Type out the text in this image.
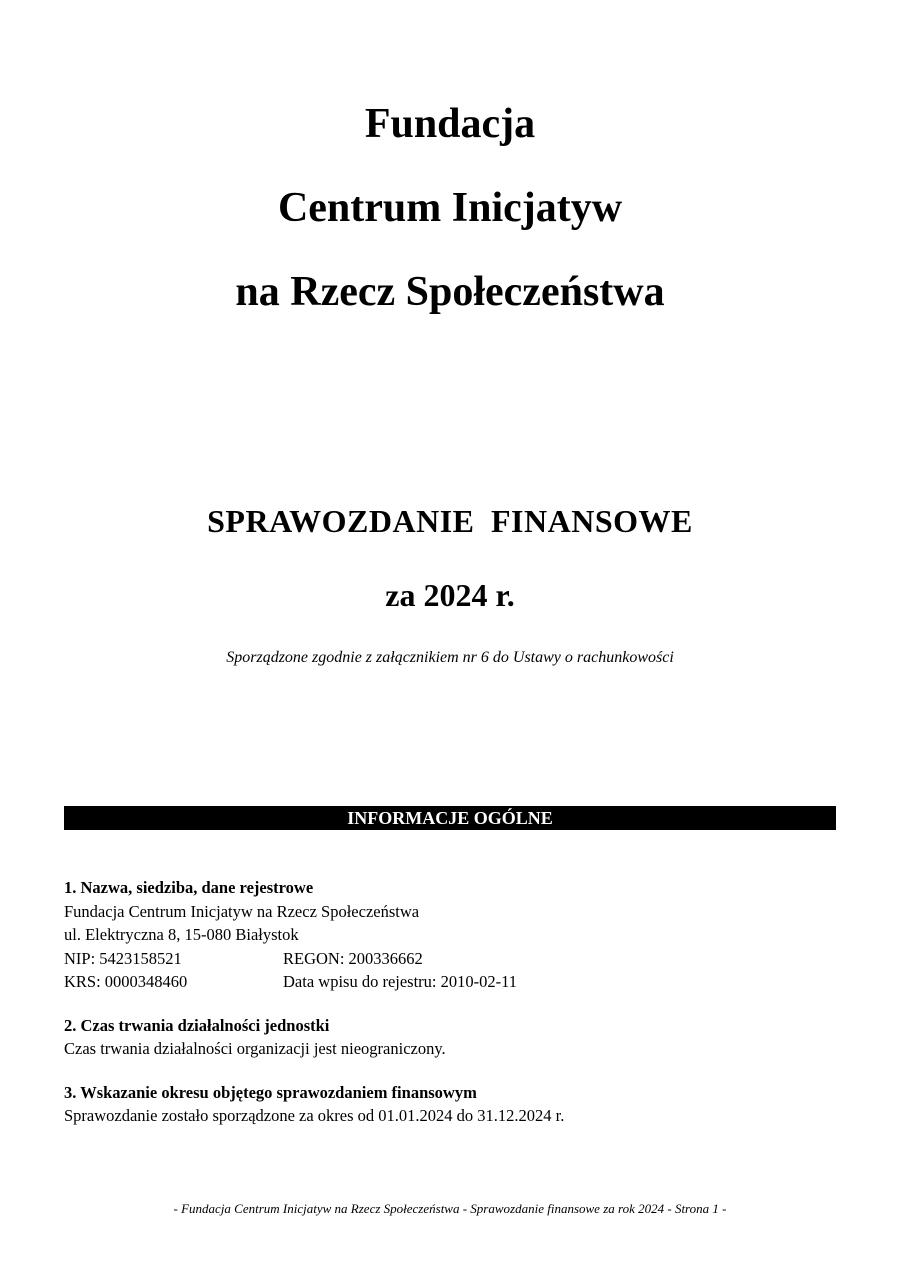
Fundacja
Centrum Inicjatyw
na Rzecz Społeczeństwa
SPRAWOZDANIE FINANSOWE
za 2024 r.
Sporządzone zgodnie z załącznikiem nr 6 do Ustawy o rachunkowości
INFORMACJE OGÓLNE
1. Nazwa, siedziba, dane rejestrowe
Fundacja Centrum Inicjatyw na Rzecz Społeczeństwa
ul. Elektryczna 8, 15-080 Białystok
NIP: 5423158521	REGON: 200336662
KRS: 0000348460	Data wpisu do rejestru: 2010-02-11
2. Czas trwania działalności jednostki
Czas trwania działalności organizacji jest nieograniczony.
3. Wskazanie okresu objętego sprawozdaniem finansowym
Sprawozdanie zostało sporządzone za okres od 01.01.2024 do 31.12.2024 r.
- Fundacja Centrum Inicjatyw na Rzecz Społeczeństwa - Sprawozdanie finansowe za rok 2024 - Strona 1 -
